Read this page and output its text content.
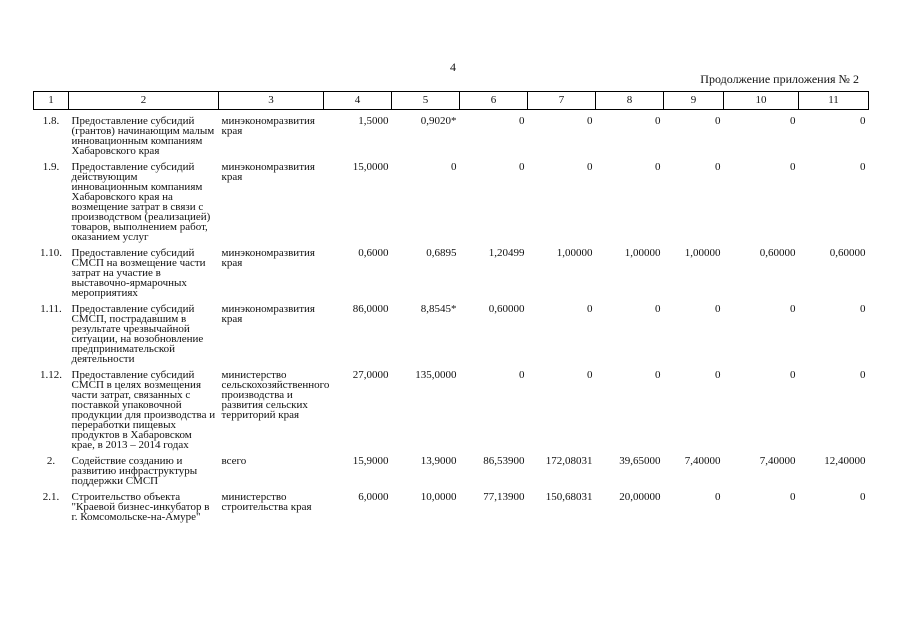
4
Продолжение приложения № 2
1	2	3	4	5	6	7	8	9	10	11
1.8.	Предоставление субсидий (грантов) начинающим малым инновационным компаниям Хабаровского края	минэкономразвития края	1,5000	0,9020*	0	0	0	0	0	0
1.9.	Предоставление субсидий действующим инновационным компаниям Хабаровского края на возмещение затрат в связи с производством (реализацией) товаров, выполнением работ, оказанием услуг	минэкономразвития края	15,0000	0	0	0	0	0	0	0
1.10.	Предоставление субсидий СМСП на возмещение части затрат на участие в выставочно-ярмарочных мероприятиях	минэкономразвития края	0,6000	0,6895	1,20499	1,00000	1,00000	1,00000	0,60000	0,60000
1.11.	Предоставление субсидий СМСП, пострадавшим в результате чрезвычайной ситуации, на возобновление предпринимательской деятельности	минэкономразвития края	86,0000	8,8545*	0,60000	0	0	0	0	0
1.12.	Предоставление субсидий СМСП в целях возмещения части затрат, связанных с поставкой упаковочной продукции для производства и переработки пищевых продуктов в Хабаровском крае, в 2013 – 2014 годах	министерство сельскохозяйственного производства и развития сельских территорий края	27,0000	135,0000	0	0	0	0	0	0
2.	Содействие созданию и развитию инфраструктуры поддержки СМСП	всего	15,9000	13,9000	86,53900	172,08031	39,65000	7,40000	7,40000	12,40000
2.1.	Строительство объекта "Краевой бизнес-инкубатор в г. Комсомольске-на-Амуре"	министерство строительства края	6,0000	10,0000	77,13900	150,68031	20,00000	0	0	0
